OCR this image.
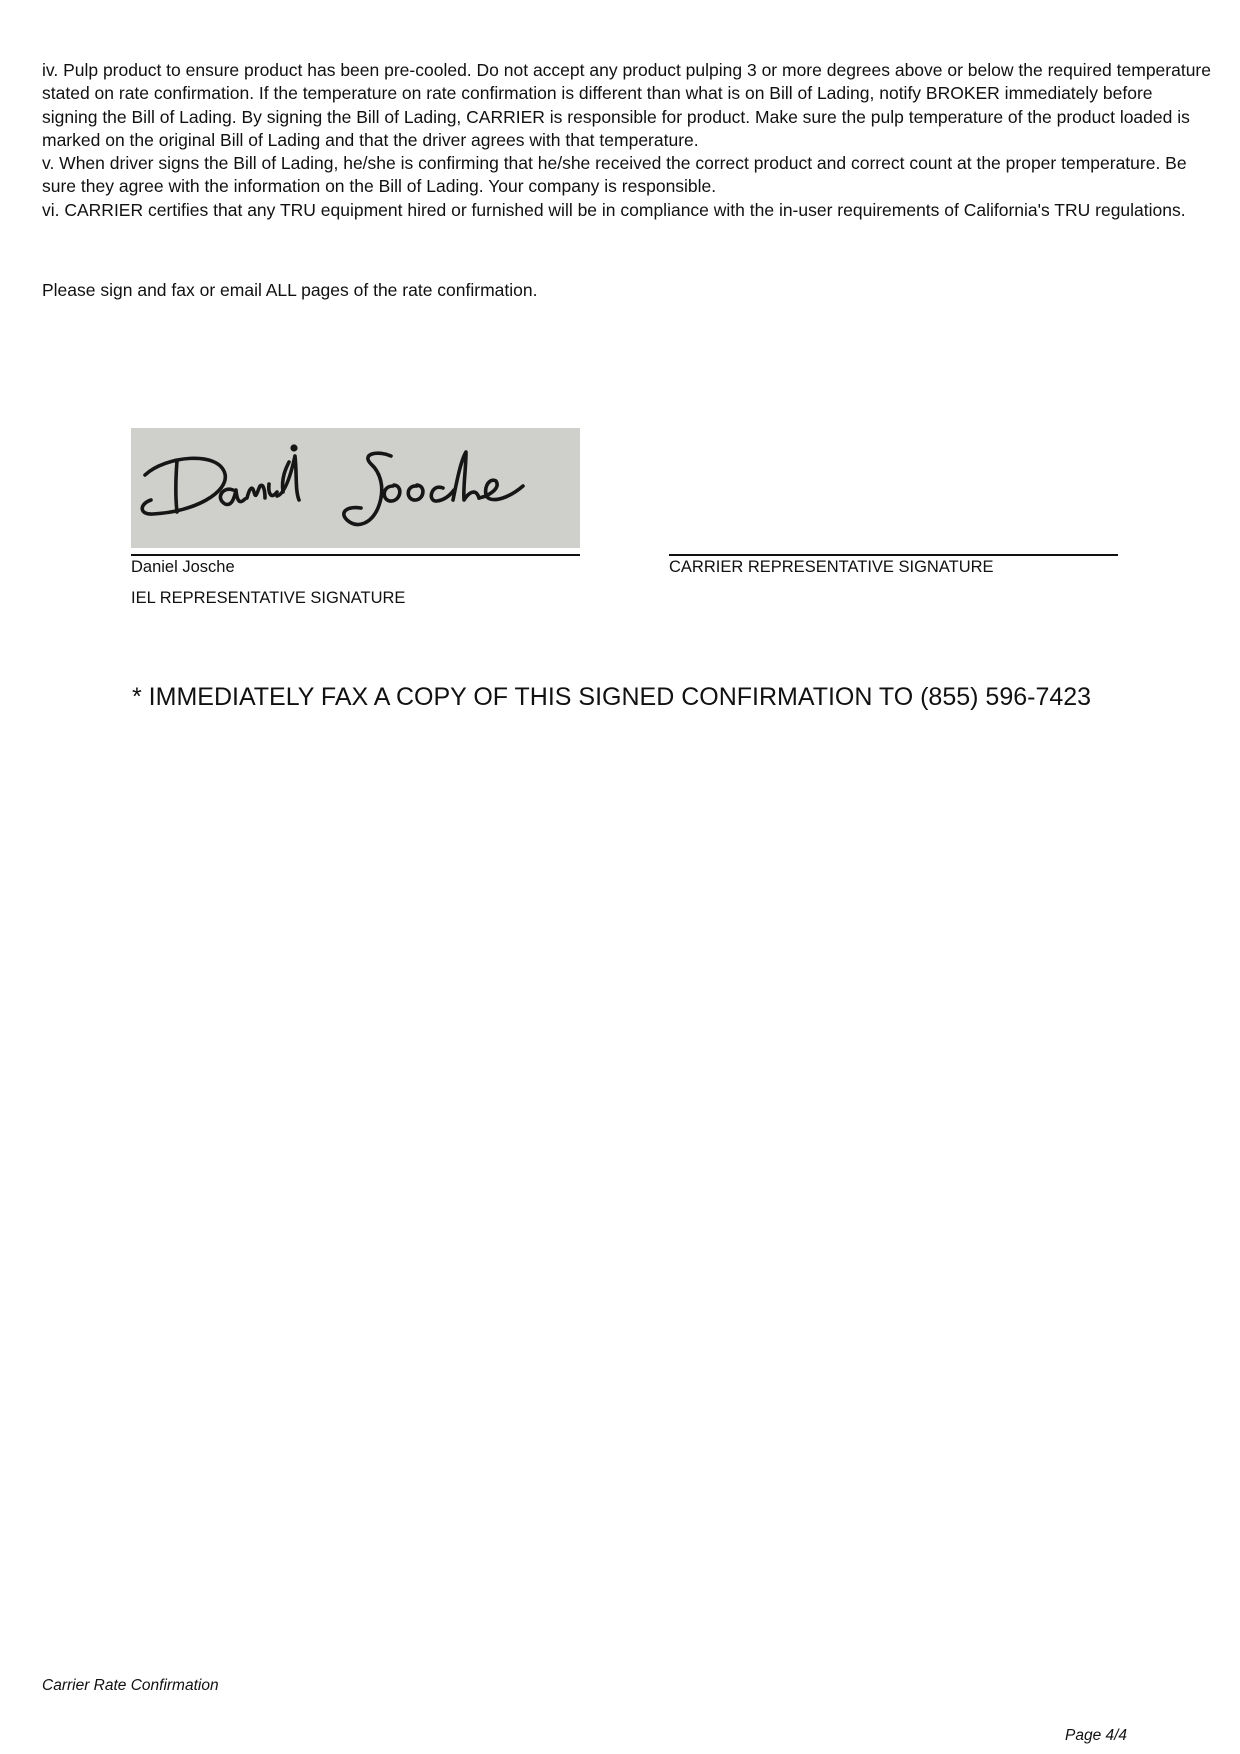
iv. Pulp product to ensure product has been pre-cooled. Do not accept any product pulping 3 or more degrees above or below the required temperature stated on rate confirmation. If the temperature on rate confirmation is different than what is on Bill of Lading, notify BROKER immediately before signing the Bill of Lading. By signing the Bill of Lading, CARRIER is responsible for product. Make sure the pulp temperature of the product loaded is marked on the original Bill of Lading and that the driver agrees with that temperature.

v. When driver signs the Bill of Lading, he/she is confirming that he/she received the correct product and correct count at the proper temperature. Be sure they agree with the information on the Bill of Lading. Your company is responsible.

vi. CARRIER certifies that any TRU equipment hired or furnished will be in compliance with the in-user requirements of California's TRU regulations.

Please sign and fax or email ALL pages of the rate confirmation.
Daniel Josche
IEL REPRESENTATIVE SIGNATURE
CARRIER REPRESENTATIVE SIGNATURE
* IMMEDIATELY FAX A COPY OF THIS SIGNED CONFIRMATION TO (855) 596-7423
Carrier Rate Confirmation
Page 4/4
